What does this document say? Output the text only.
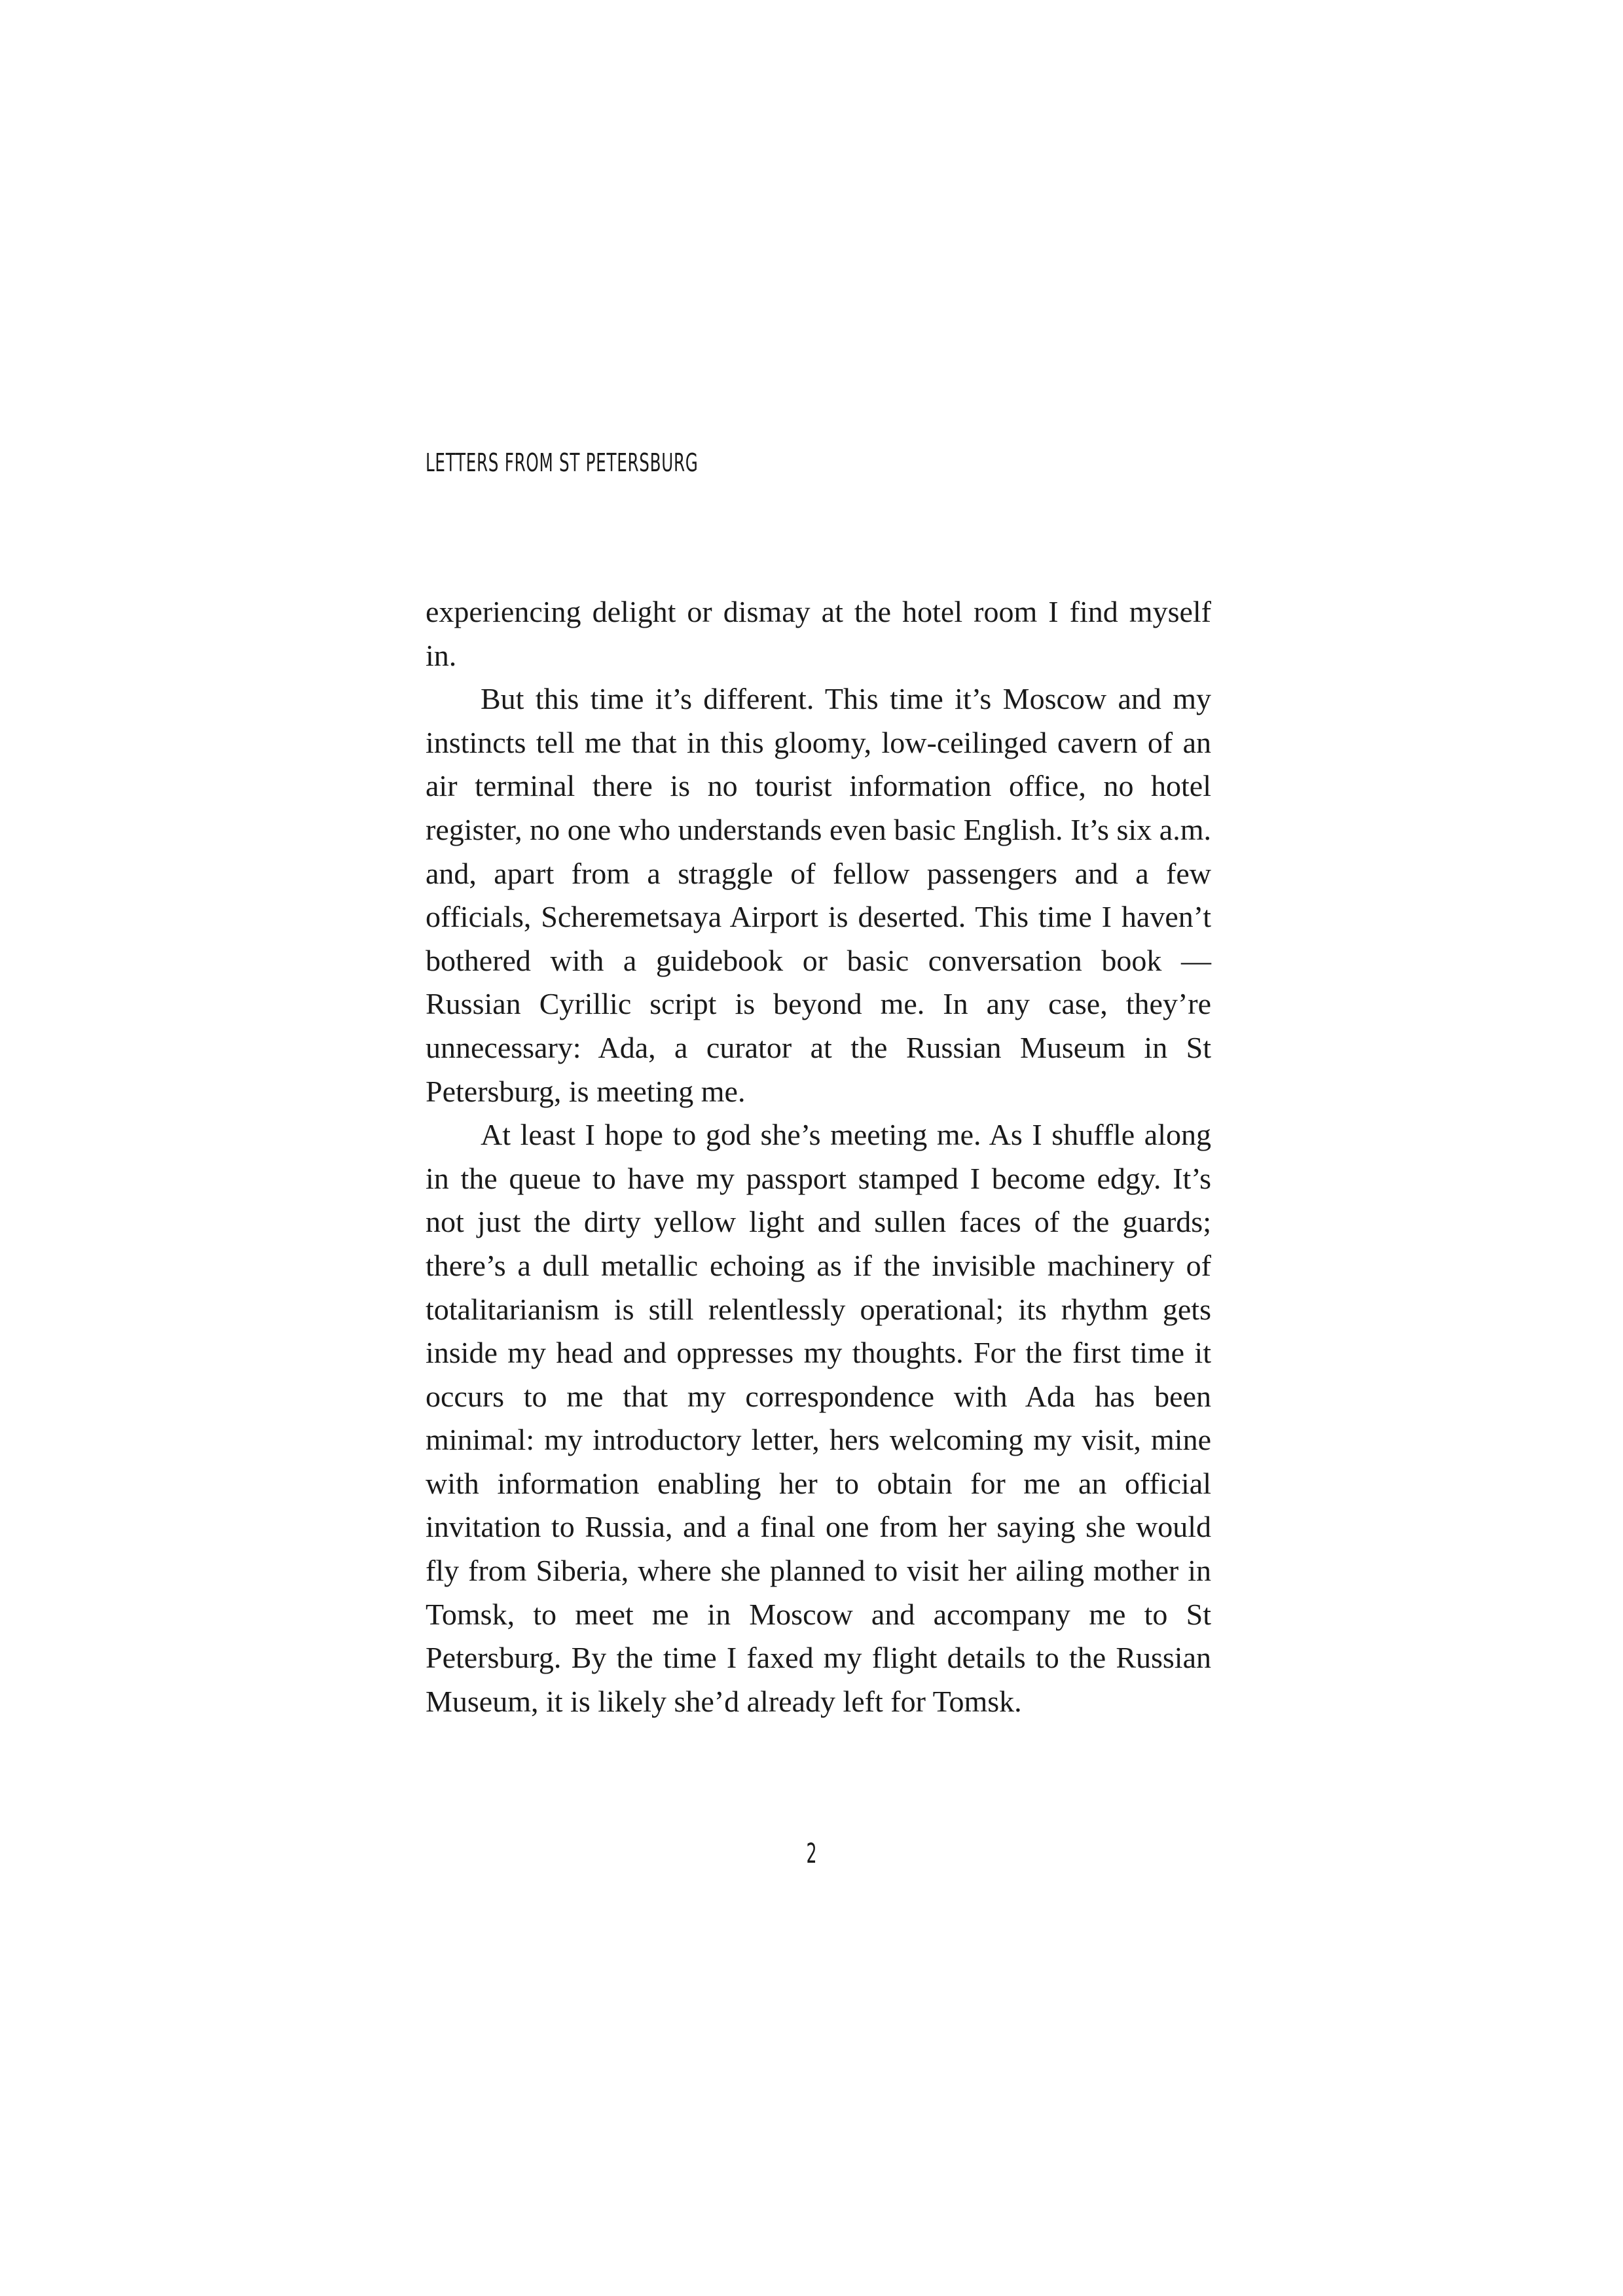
LETTERS FROM ST PETERSBURG

experiencing delight or dismay at the hotel room I find myself in.

But this time it’s different. This time it’s Moscow and my instincts tell me that in this gloomy, low-ceilinged cavern of an air terminal there is no tourist information office, no hotel register, no one who understands even basic English. It’s six a.m. and, apart from a straggle of fellow passengers and a few officials, Scheremetsaya Airport is deserted. This time I haven’t bothered with a guidebook or basic conversation book — Russian Cyrillic script is beyond me. In any case, they’re unnecessary: Ada, a curator at the Russian Museum in St Petersburg, is meeting me.

At least I hope to god she’s meeting me. As I shuffle along in the queue to have my passport stamped I become edgy. It’s not just the dirty yellow light and sullen faces of the guards; there’s a dull metallic echoing as if the invisible machinery of totalitarianism is still relentlessly operational; its rhythm gets inside my head and oppresses my thoughts. For the first time it occurs to me that my correspondence with Ada has been minimal: my introductory letter, hers welcoming my visit, mine with information enabling her to obtain for me an official invitation to Russia, and a final one from her saying she would fly from Siberia, where she planned to visit her ailing mother in Tomsk, to meet me in Moscow and accompany me to St Petersburg. By the time I faxed my flight details to the Russian Museum, it is likely she’d already left for Tomsk.

2
